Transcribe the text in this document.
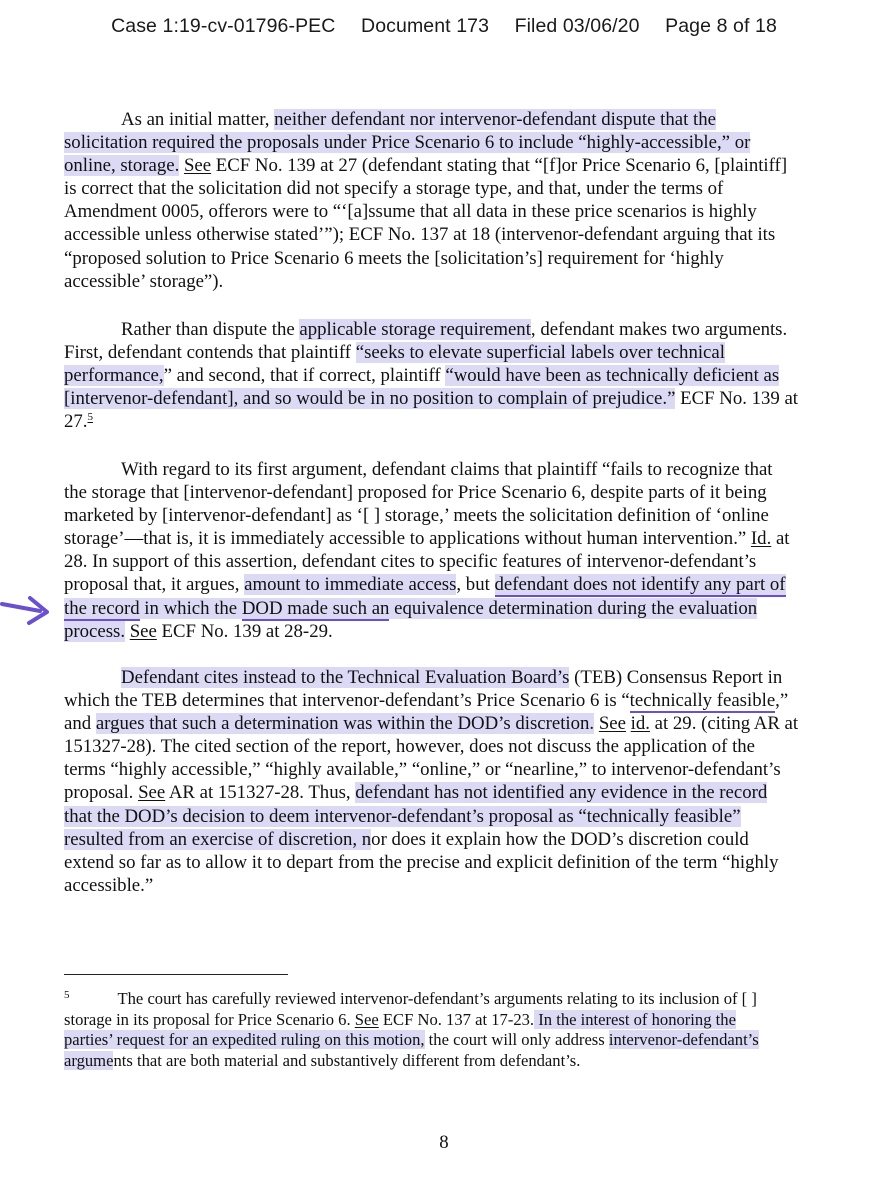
Case 1:19-cv-01796-PEC Document 173 Filed 03/06/20 Page 8 of 18
As an initial matter, neither defendant nor intervenor-defendant dispute that the solicitation required the proposals under Price Scenario 6 to include “highly-accessible,” or online, storage. See ECF No. 139 at 27 (defendant stating that “[f]or Price Scenario 6, [plaintiff] is correct that the solicitation did not specify a storage type, and that, under the terms of Amendment 0005, offerors were to “‘[a]ssume that all data in these price scenarios is highly accessible unless otherwise stated’”); ECF No. 137 at 18 (intervenor-defendant arguing that its “proposed solution to Price Scenario 6 meets the [solicitation’s] requirement for ‘highly accessible’ storage”).
Rather than dispute the applicable storage requirement, defendant makes two arguments. First, defendant contends that plaintiff “seeks to elevate superficial labels over technical performance,” and second, that if correct, plaintiff “would have been as technically deficient as [intervenor-defendant], and so would be in no position to complain of prejudice.” ECF No. 139 at 27.$^5$
With regard to its first argument, defendant claims that plaintiff “fails to recognize that the storage that [intervenor-defendant] proposed for Price Scenario 6, despite parts of it being marketed by [intervenor-defendant] as ‘[ ] storage,’ meets the solicitation definition of ‘online storage’—that is, it is immediately accessible to applications without human intervention.” Id. at 28. In support of this assertion, defendant cites to specific features of intervenor-defendant’s proposal that, it argues, amount to immediate access, but defendant does not identify any part of the record in which the DOD made such an equivalence determination during the evaluation process. See ECF No. 139 at 28-29.
Defendant cites instead to the Technical Evaluation Board’s (TEB) Consensus Report in which the TEB determines that intervenor-defendant’s Price Scenario 6 is “technically feasible,” and argues that such a determination was within the DOD’s discretion. See id. at 29. (citing AR at 151327-28). The cited section of the report, however, does not discuss the application of the terms “highly accessible,” “highly available,” “online,” or “nearline,” to intervenor-defendant’s proposal. See AR at 151327-28. Thus, defendant has not identified any evidence in the record that the DOD’s decision to deem intervenor-defendant’s proposal as “technically feasible” resulted from an exercise of discretion, nor does it explain how the DOD’s discretion could extend so far as to allow it to depart from the precise and explicit definition of the term “highly accessible.”
$^5$	The court has carefully reviewed intervenor-defendant’s arguments relating to its inclusion of [ ] storage in its proposal for Price Scenario 6. See ECF No. 137 at 17-23. In the interest of honoring the parties’ request for an expedited ruling on this motion, the court will only address intervenor-defendant’s arguments that are both material and substantively different from defendant’s.
8
